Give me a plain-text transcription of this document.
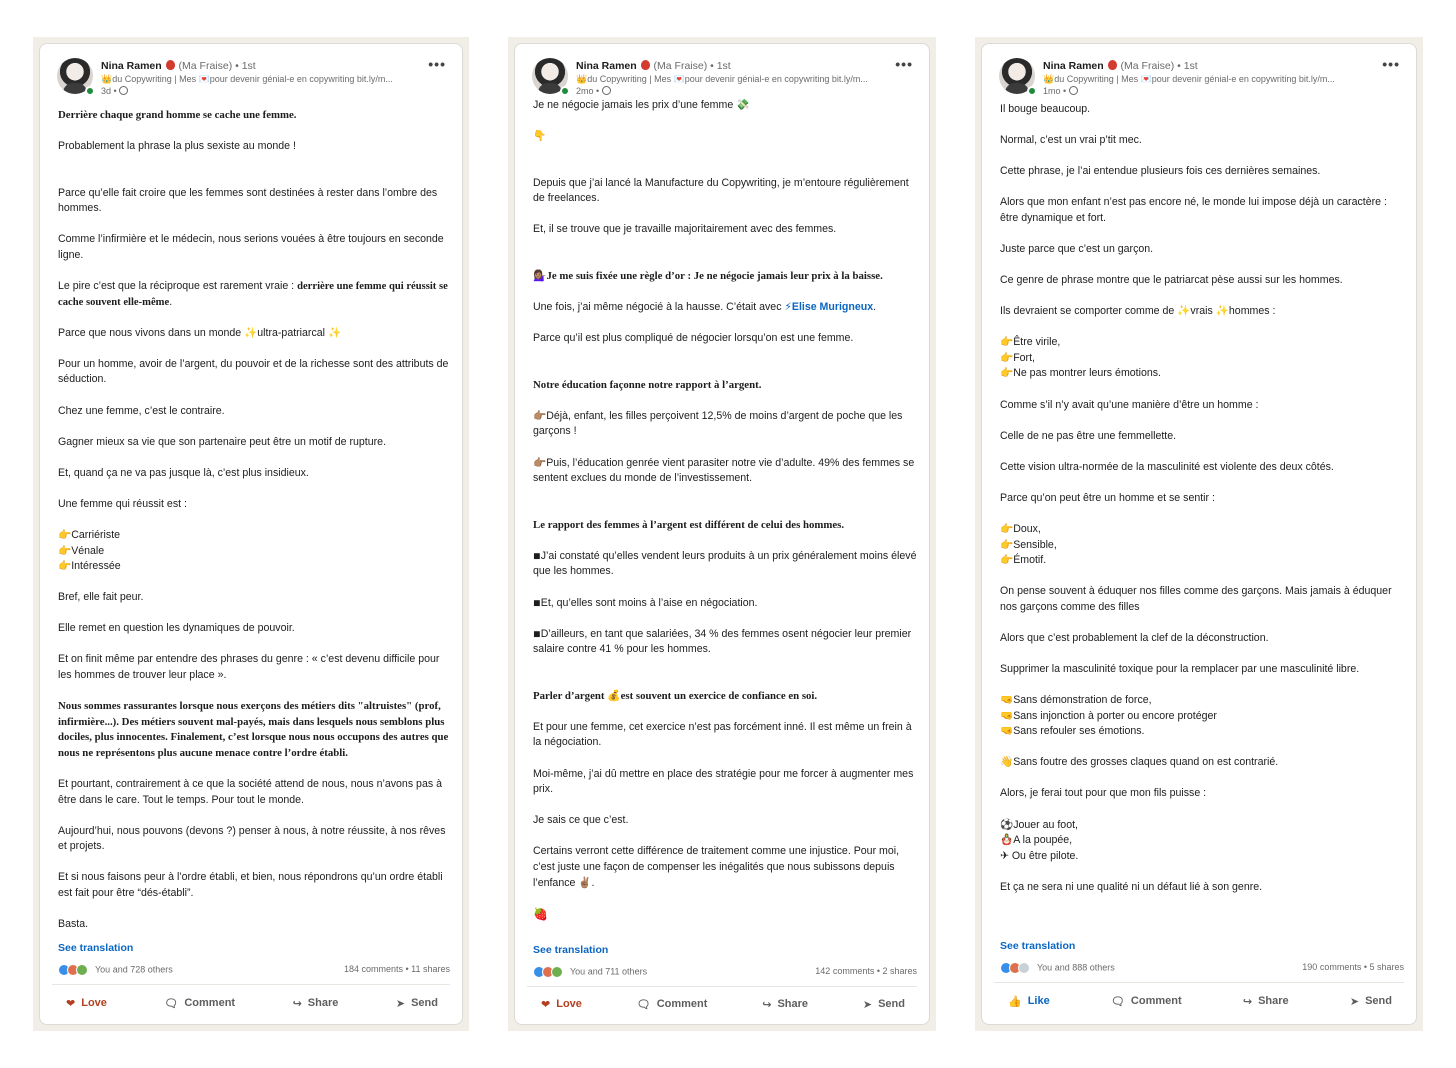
Nina Ramen (Ma Fraise) • 1st
👑du Copywriting | Mes 💌pour devenir génial-e en copywriting bit.ly/m...
3d •
•••

Derrière chaque grand homme se cache une femme.

Probablement la phrase la plus sexiste au monde !

Parce qu’elle fait croire que les femmes sont destinées à rester dans l’ombre des hommes.

Comme l’infirmière et le médecin, nous serions vouées à être toujours en seconde ligne.

Le pire c’est que la réciproque est rarement vraie : derrière une femme qui réussit se cache souvent elle-même.

Parce que nous vivons dans un monde ✨ultra-patriarcal ✨

Pour un homme, avoir de l’argent, du pouvoir et de la richesse sont des attributs de séduction.

Chez une femme, c’est le contraire.

Gagner mieux sa vie que son partenaire peut être un motif de rupture.

Et, quand ça ne va pas jusque là, c’est plus insidieux.

Une femme qui réussit est :

👉Carriériste
👉Vénale
👉Intéressée

Bref, elle fait peur.

Elle remet en question les dynamiques de pouvoir.

Et on finit même par entendre des phrases du genre : « c’est devenu difficile pour les hommes de trouver leur place ».

Nous sommes rassurantes lorsque nous exerçons des métiers dits "altruistes" (prof, infirmière...). Des métiers souvent mal-payés, mais dans lesquels nous semblons plus dociles, plus innocentes. Finalement, c’est lorsque nous nous occupons des autres que nous ne représentons plus aucune menace contre l’ordre établi.

Et pourtant, contrairement à ce que la société attend de nous, nous n’avons pas à être dans le care. Tout le temps. Pour tout le monde.

Aujourd’hui, nous pouvons (devons ?) penser à nous, à notre réussite, à nos rêves et projets.

Et si nous faisons peur à l’ordre établi, et bien, nous répondrons qu’un ordre établi est fait pour être “dés-établi”.

Basta.

See translation
You and 728 others	184 comments • 11 shares
❤ Love	🗨 Comment	↪ Share	➤ Send
Nina Ramen (Ma Fraise) • 1st
👑du Copywriting | Mes 💌pour devenir génial-e en copywriting bit.ly/m...
2mo •
•••

Je ne négocie jamais les prix d’une femme 💸

👇

Depuis que j’ai lancé la Manufacture du Copywriting, je m’entoure régulièrement de freelances.

Et, il se trouve que je travaille majoritairement avec des femmes.

💁🏽‍♀️Je me suis fixée une règle d’or : Je ne négocie jamais leur prix à la baisse.

Une fois, j’ai même négocié à la hausse. C’était avec ⚡Elise Murigneux.

Parce qu’il est plus compliqué de négocier lorsqu’on est une femme.

Notre éducation façonne notre rapport à l’argent.

👉🏽Déjà, enfant, les filles perçoivent 12,5% de moins d’argent de poche que les garçons !

👉🏽Puis, l’éducation genrée vient parasiter notre vie d’adulte. 49% des femmes se sentent exclues du monde de l’investissement.

Le rapport des femmes à l’argent est différent de celui des hommes.

◾J’ai constaté qu’elles vendent leurs produits à un prix généralement moins élevé que les hommes.

◾Et, qu’elles sont moins à l’aise en négociation.

◾D’ailleurs, en tant que salariées, 34 % des femmes osent négocier leur premier salaire contre 41 % pour les hommes.

Parler d’argent 💰est souvent un exercice de confiance en soi.

Et pour une femme, cet exercice n’est pas forcément inné. Il est même un frein à la négociation.

Moi-même, j’ai dû mettre en place des stratégie pour me forcer à augmenter mes prix.

Je sais ce que c’est.

Certains verront cette différence de traitement comme une injustice. Pour moi, c’est juste une façon de compenser les inégalités que nous subissons depuis l’enfance ✌🏽.

🍓

See translation
You and 711 others	142 comments • 2 shares
❤ Love	🗨 Comment	↪ Share	➤ Send
Nina Ramen (Ma Fraise) • 1st
👑du Copywriting | Mes 💌pour devenir génial-e en copywriting bit.ly/m...
1mo •
•••

Il bouge beaucoup.

Normal, c’est un vrai p’tit mec.

Cette phrase, je l’ai entendue plusieurs fois ces dernières semaines.

Alors que mon enfant n’est pas encore né, le monde lui impose déjà un caractère : être dynamique et fort.

Juste parce que c’est un garçon.

Ce genre de phrase montre que le patriarcat pèse aussi sur les hommes.

Ils devraient se comporter comme de ✨vrais ✨hommes :

👉Être virile,
👉Fort,
👉Ne pas montrer leurs émotions.

Comme s’il n’y avait qu’une manière d’être un homme :

Celle de ne pas être une femmellette.

Cette vision ultra-normée de la masculinité est violente des deux côtés.

Parce qu’on peut être un homme et se sentir :

👉Doux,
👉Sensible,
👉Émotif.

On pense souvent à éduquer nos filles comme des garçons. Mais jamais à éduquer nos garçons comme des filles

Alors que c’est probablement la clef de la déconstruction.

Supprimer la masculinité toxique pour la remplacer par une masculinité libre.

🤜Sans démonstration de force,
🤜Sans injonction à porter ou encore protéger
🤜Sans refouler ses émotions.

👋Sans foutre des grosses claques quand on est contrarié.

Alors, je ferai tout pour que mon fils puisse :

⚽Jouer au foot,
🪆A la poupée,
✈ Ou être pilote.

Et ça ne sera ni une qualité ni un défaut lié à son genre.

See translation
You and 888 others	190 comments • 5 shares
👍 Like	🗨 Comment	↪ Share	➤ Send
